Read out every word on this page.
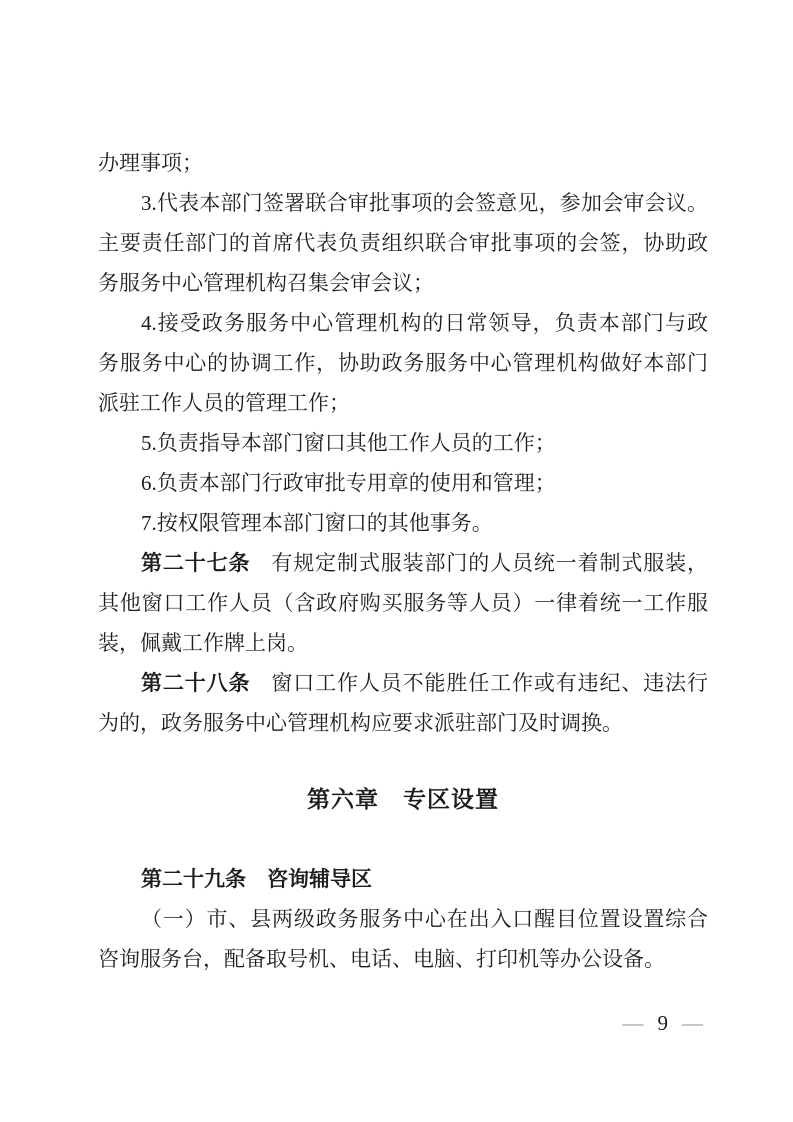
办理事项；
3.代表本部门签署联合审批事项的会签意见，参加会审会议。
主要责任部门的首席代表负责组织联合审批事项的会签，协助政
务服务中心管理机构召集会审会议；
4.接受政务服务中心管理机构的日常领导，负责本部门与政
务服务中心的协调工作，协助政务服务中心管理机构做好本部门
派驻工作人员的管理工作；
5.负责指导本部门窗口其他工作人员的工作；
6.负责本部门行政审批专用章的使用和管理；
7.按权限管理本部门窗口的其他事务。
第二十七条 有规定制式服装部门的人员统一着制式服装，
其他窗口工作人员（含政府购买服务等人员）一律着统一工作服
装，佩戴工作牌上岗。
第二十八条 窗口工作人员不能胜任工作或有违纪、违法行
为的，政务服务中心管理机构应要求派驻部门及时调换。
第六章　专区设置
第二十九条 咨询辅导区
（一）市、县两级政务服务中心在出入口醒目位置设置综合
咨询服务台，配备取号机、电话、电脑、打印机等办公设备。
— 9 —
